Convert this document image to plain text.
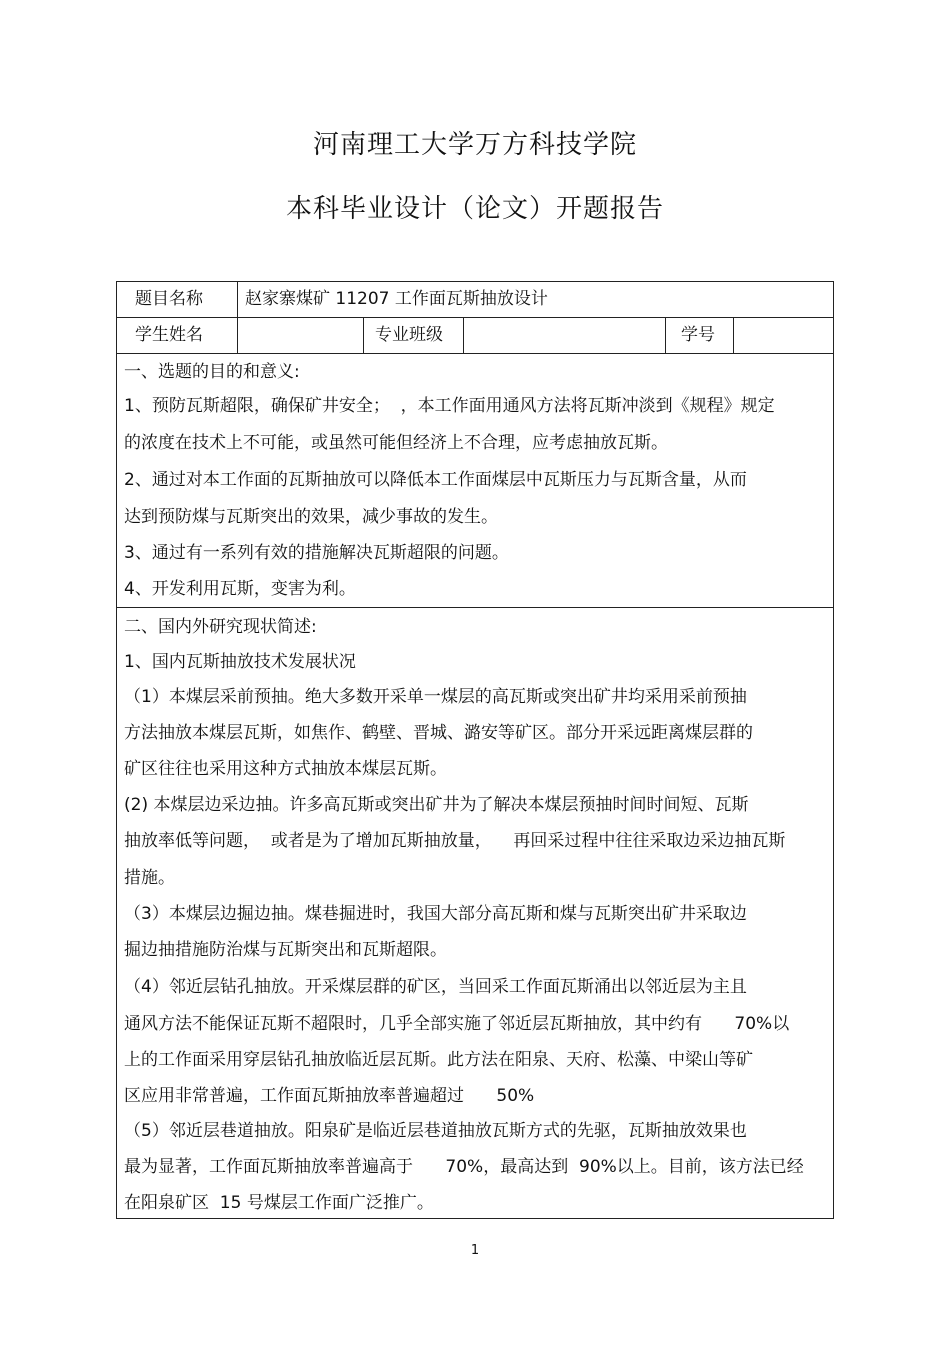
河南理工大学万方科技学院
本科毕业设计（论文）开题报告
题目名称 赵家寨煤矿 11207 工作面瓦斯抽放设计
学生姓名	专业班级	学号
一、选题的目的和意义:
1、预防瓦斯超限，确保矿井安全；  ，本工作面用通风方法将瓦斯冲淡到《规程》规定
的浓度在技术上不可能，或虽然可能但经济上不合理，应考虑抽放瓦斯。
2、通过对本工作面的瓦斯抽放可以降低本工作面煤层中瓦斯压力与瓦斯含量，从而
达到预防煤与瓦斯突出的效果，减少事故的发生。
3、通过有一系列有效的措施解决瓦斯超限的问题。
4、开发利用瓦斯，变害为利。
二、国内外研究现状简述:
1、国内瓦斯抽放技术发展状况
（1）本煤层采前预抽。绝大多数开采单一煤层的高瓦斯或突出矿井均采用采前预抽
方法抽放本煤层瓦斯，如焦作、鹤壁、晋城、潞安等矿区。部分开采远距离煤层群的
矿区往往也采用这种方式抽放本煤层瓦斯。
(2) 本煤层边采边抽。许多高瓦斯或突出矿井为了解决本煤层预抽时间时间短、瓦斯
抽放率低等问题，  或者是为了增加瓦斯抽放量，    再回采过程中往往采取边采边抽瓦斯
措施。
（3）本煤层边掘边抽。煤巷掘进时，我国大部分高瓦斯和煤与瓦斯突出矿井采取边
掘边抽措施防治煤与瓦斯突出和瓦斯超限。
（4）邻近层钻孔抽放。开采煤层群的矿区，当回采工作面瓦斯涌出以邻近层为主且
通风方法不能保证瓦斯不超限时，几乎全部实施了邻近层瓦斯抽放，其中约有      70%以
上的工作面采用穿层钻孔抽放临近层瓦斯。此方法在阳泉、天府、松藻、中梁山等矿
区应用非常普遍，工作面瓦斯抽放率普遍超过      50%
（5）邻近层巷道抽放。阳泉矿是临近层巷道抽放瓦斯方式的先驱，瓦斯抽放效果也
最为显著，工作面瓦斯抽放率普遍高于      70%，最高达到  90%以上。目前，该方法已经
在阳泉矿区  15 号煤层工作面广泛推广。
1
